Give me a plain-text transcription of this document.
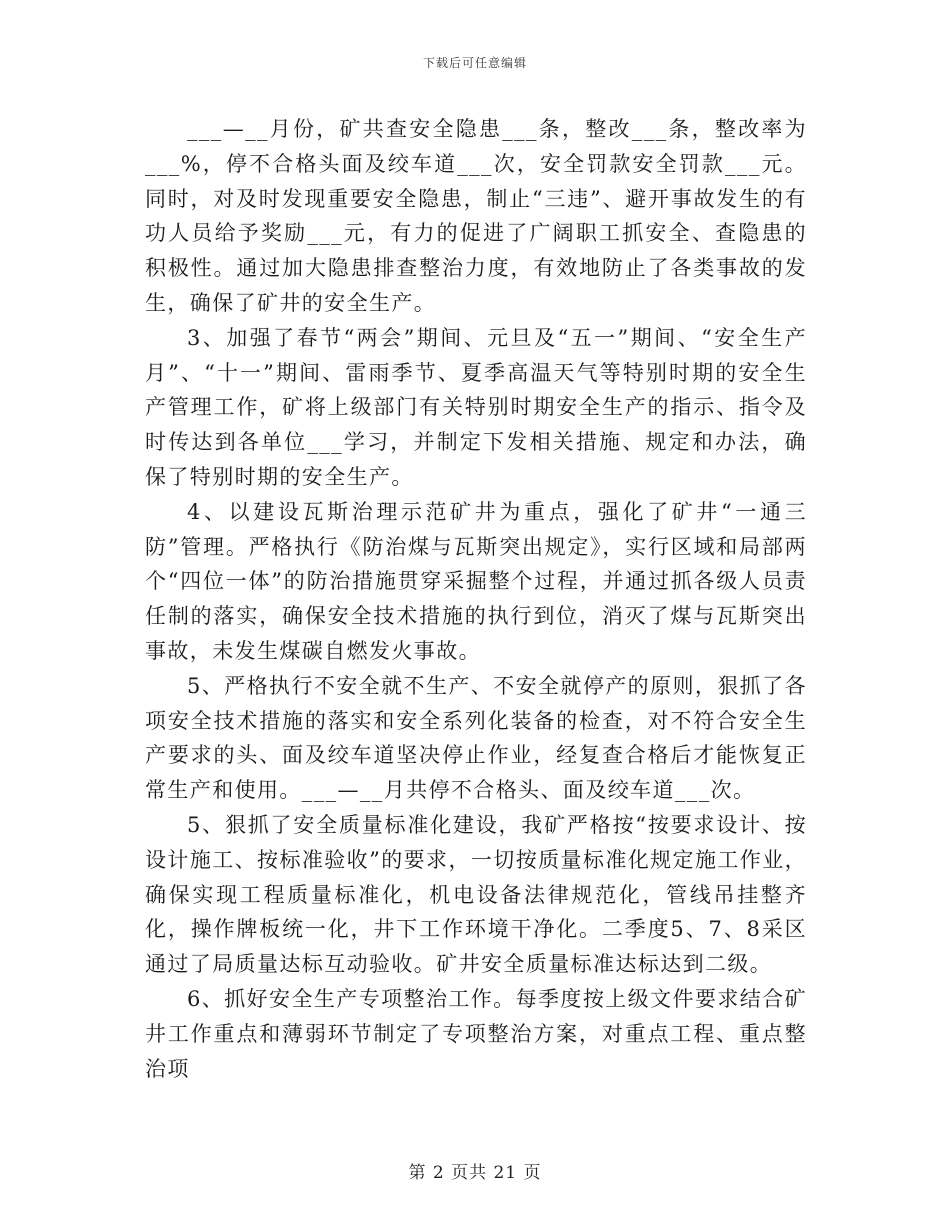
下载后可任意编辑

___—__月份，矿共查安全隐患___条，整改___条，整改率为___%，停不合格头面及绞车道___次，安全罚款安全罚款___元。同时，对及时发现重要安全隐患，制止“三违”、避开事故发生的有功人员给予奖励___元，有力的促进了广阔职工抓安全、查隐患的积极性。通过加大隐患排查整治力度，有效地防止了各类事故的发生，确保了矿井的安全生产。

3、加强了春节“两会”期间、元旦及“五一”期间、“安全生产月”、“十一”期间、雷雨季节、夏季高温天气等特别时期的安全生产管理工作，矿将上级部门有关特别时期安全生产的指示、指令及时传达到各单位___学习，并制定下发相关措施、规定和办法，确保了特别时期的安全生产。

4、以建设瓦斯治理示范矿井为重点，强化了矿井“一通三防”管理。严格执行《防治煤与瓦斯突出规定》，实行区域和局部两个“四位一体”的防治措施贯穿采掘整个过程，并通过抓各级人员责任制的落实，确保安全技术措施的执行到位，消灭了煤与瓦斯突出事故，未发生煤碳自燃发火事故。

5、严格执行不安全就不生产、不安全就停产的原则，狠抓了各项安全技术措施的落实和安全系列化装备的检查，对不符合安全生产要求的头、面及绞车道坚决停止作业，经复查合格后才能恢复正常生产和使用。___—__月共停不合格头、面及绞车道___次。

5、狠抓了安全质量标准化建设，我矿严格按“按要求设计、按设计施工、按标准验收”的要求，一切按质量标准化规定施工作业，确保实现工程质量标准化，机电设备法律规范化，管线吊挂整齐化，操作牌板统一化，井下工作环境干净化。二季度5、7、8采区通过了局质量达标互动验收。矿井安全质量标准达标达到二级。

6、抓好安全生产专项整治工作。每季度按上级文件要求结合矿井工作重点和薄弱环节制定了专项整治方案，对重点工程、重点整治项

第 2 页共 21 页
